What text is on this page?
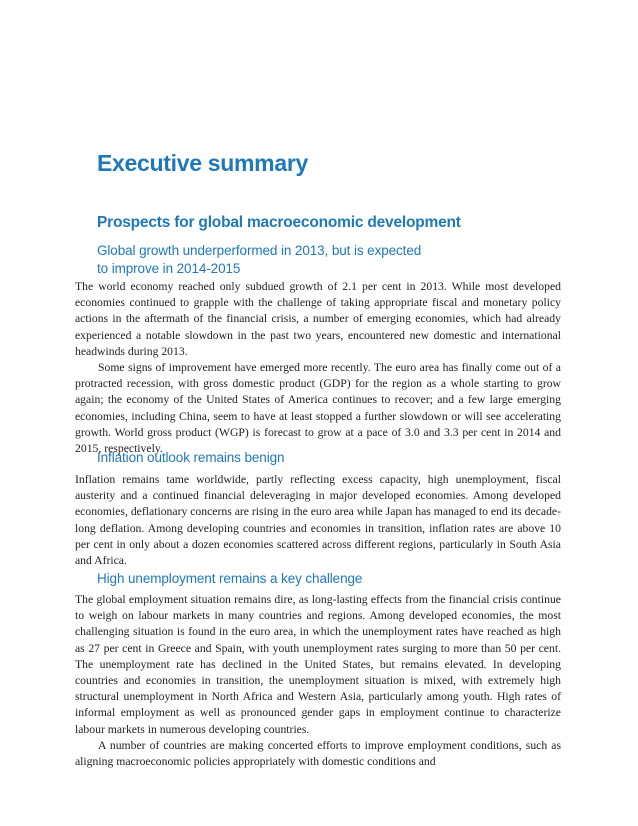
Executive summary
Prospects for global macroeconomic development
Global growth underperformed in 2013, but is expected
to improve in 2014-2015

The world economy reached only subdued growth of 2.1 per cent in 2013. While most developed economies continued to grapple with the challenge of taking appropriate fiscal and monetary policy actions in the aftermath of the financial crisis, a number of emerging economies, which had already experienced a notable slowdown in the past two years, encountered new domestic and international headwinds during 2013.

Some signs of improvement have emerged more recently. The euro area has finally come out of a protracted recession, with gross domestic product (GDP) for the region as a whole starting to grow again; the economy of the United States of America continues to recover; and a few large emerging economies, including China, seem to have at least stopped a further slowdown or will see accelerating growth. World gross product (WGP) is forecast to grow at a pace of 3.0 and 3.3 per cent in 2014 and 2015, respectively.

Inflation outlook remains benign

Inflation remains tame worldwide, partly reflecting excess capacity, high unemployment, fiscal austerity and a continued financial deleveraging in major developed economies. Among developed economies, deflationary concerns are rising in the euro area while Japan has managed to end its decade-long deflation. Among developing countries and economies in transition, inflation rates are above 10 per cent in only about a dozen economies scattered across different regions, particularly in South Asia and Africa.

High unemployment remains a key challenge

The global employment situation remains dire, as long-lasting effects from the financial crisis continue to weigh on labour markets in many countries and regions. Among developed economies, the most challenging situation is found in the euro area, in which the unemployment rates have reached as high as 27 per cent in Greece and Spain, with youth unemployment rates surging to more than 50 per cent. The unemployment rate has declined in the United States, but remains elevated. In developing countries and economies in transition, the unemployment situation is mixed, with extremely high structural unemployment in North Africa and Western Asia, particularly among youth. High rates of informal employment as well as pronounced gender gaps in employment continue to characterize labour markets in numerous developing countries.

A number of countries are making concerted efforts to improve employment conditions, such as aligning macroeconomic policies appropriately with domestic conditions and
